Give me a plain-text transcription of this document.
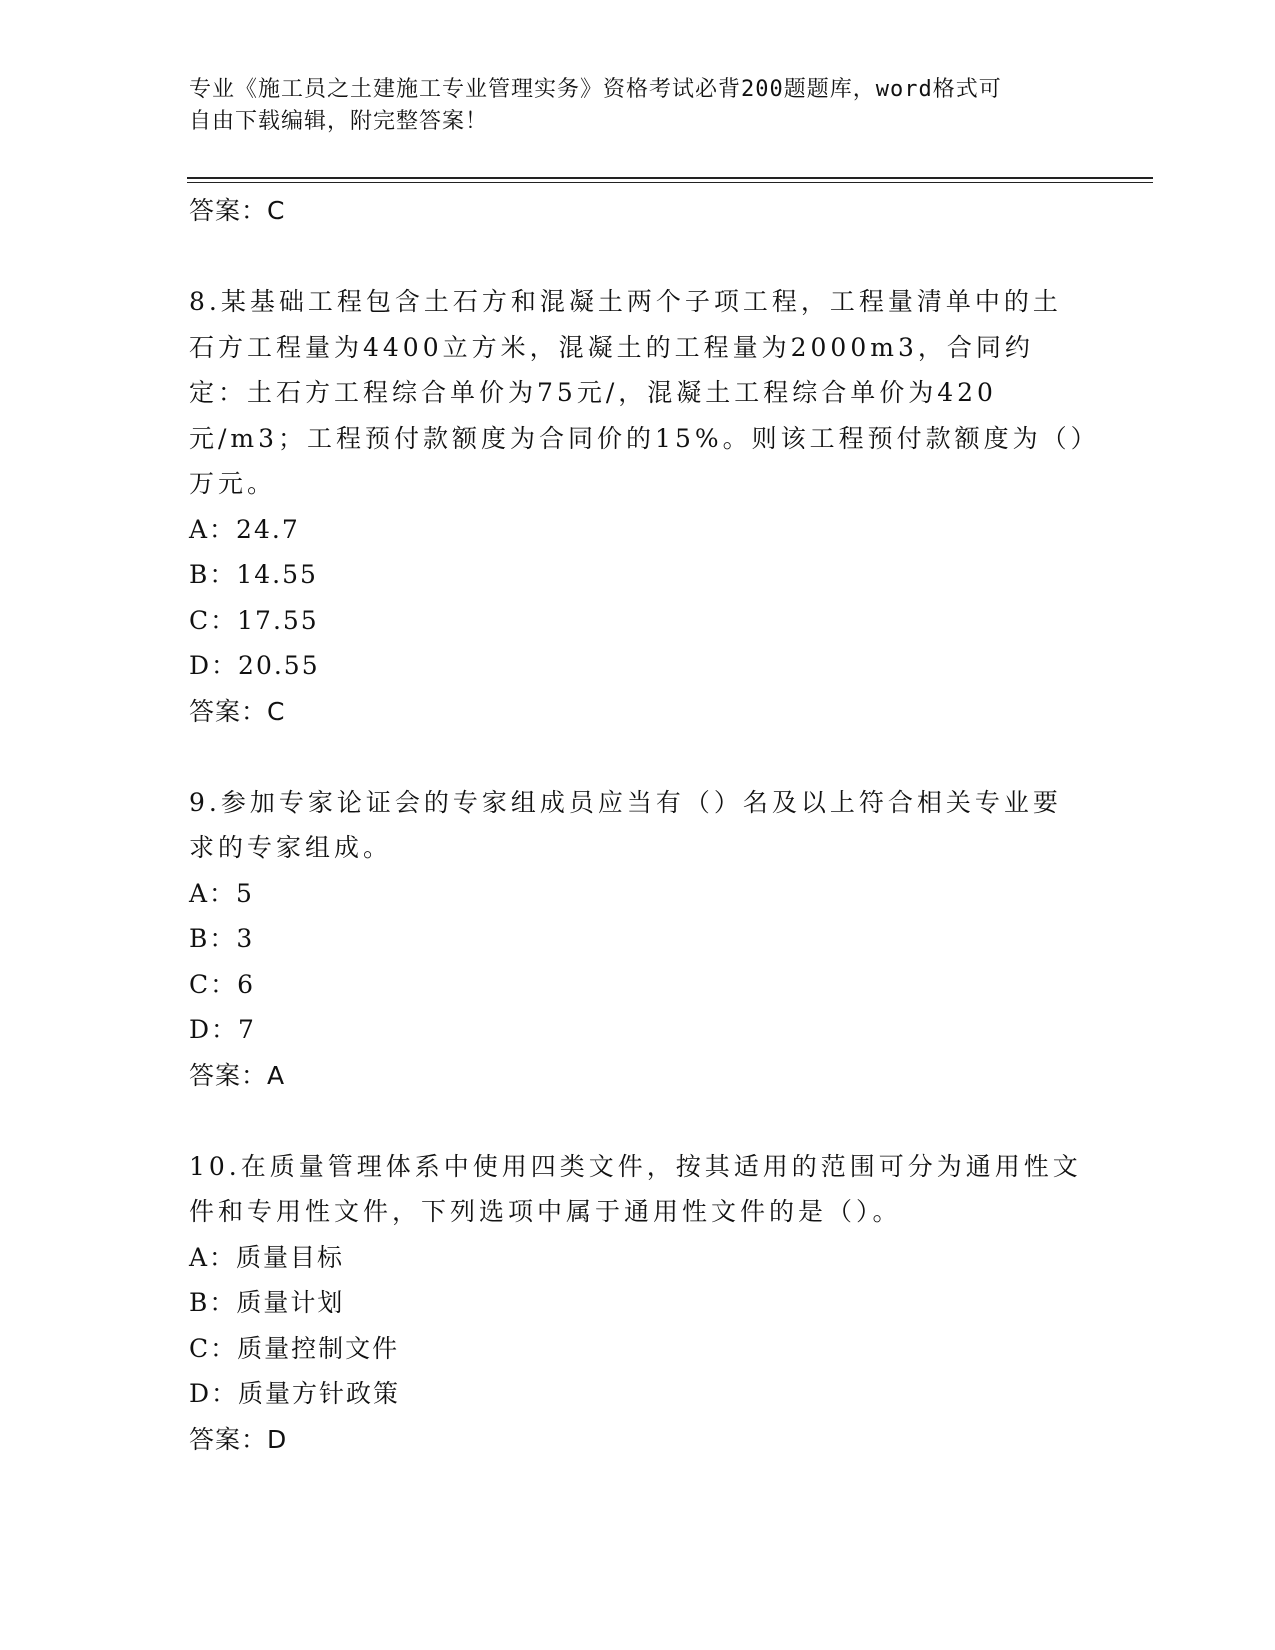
专业《施工员之土建施工专业管理实务》资格考试必背200题题库，word格式可
自由下载编辑，附完整答案！
答案：C
8.某基础工程包含土石方和混凝土两个子项工程，工程量清单中的土石方工程量为4400立方米，混凝土的工程量为2000m3，合同约定：土石方工程综合单价为75元/，混凝土工程综合单价为420元/m3；工程预付款额度为合同价的15%。则该工程预付款额度为（）万元。
A：24.7
B：14.55
C：17.55
D：20.55
答案：C
9.参加专家论证会的专家组成员应当有（）名及以上符合相关专业要求的专家组成。
A：5
B：3
C：6
D：7
答案：A
10.在质量管理体系中使用四类文件，按其适用的范围可分为通用性文件和专用性文件，下列选项中属于通用性文件的是（）。
A：质量目标
B：质量计划
C：质量控制文件
D：质量方针政策
答案：D
